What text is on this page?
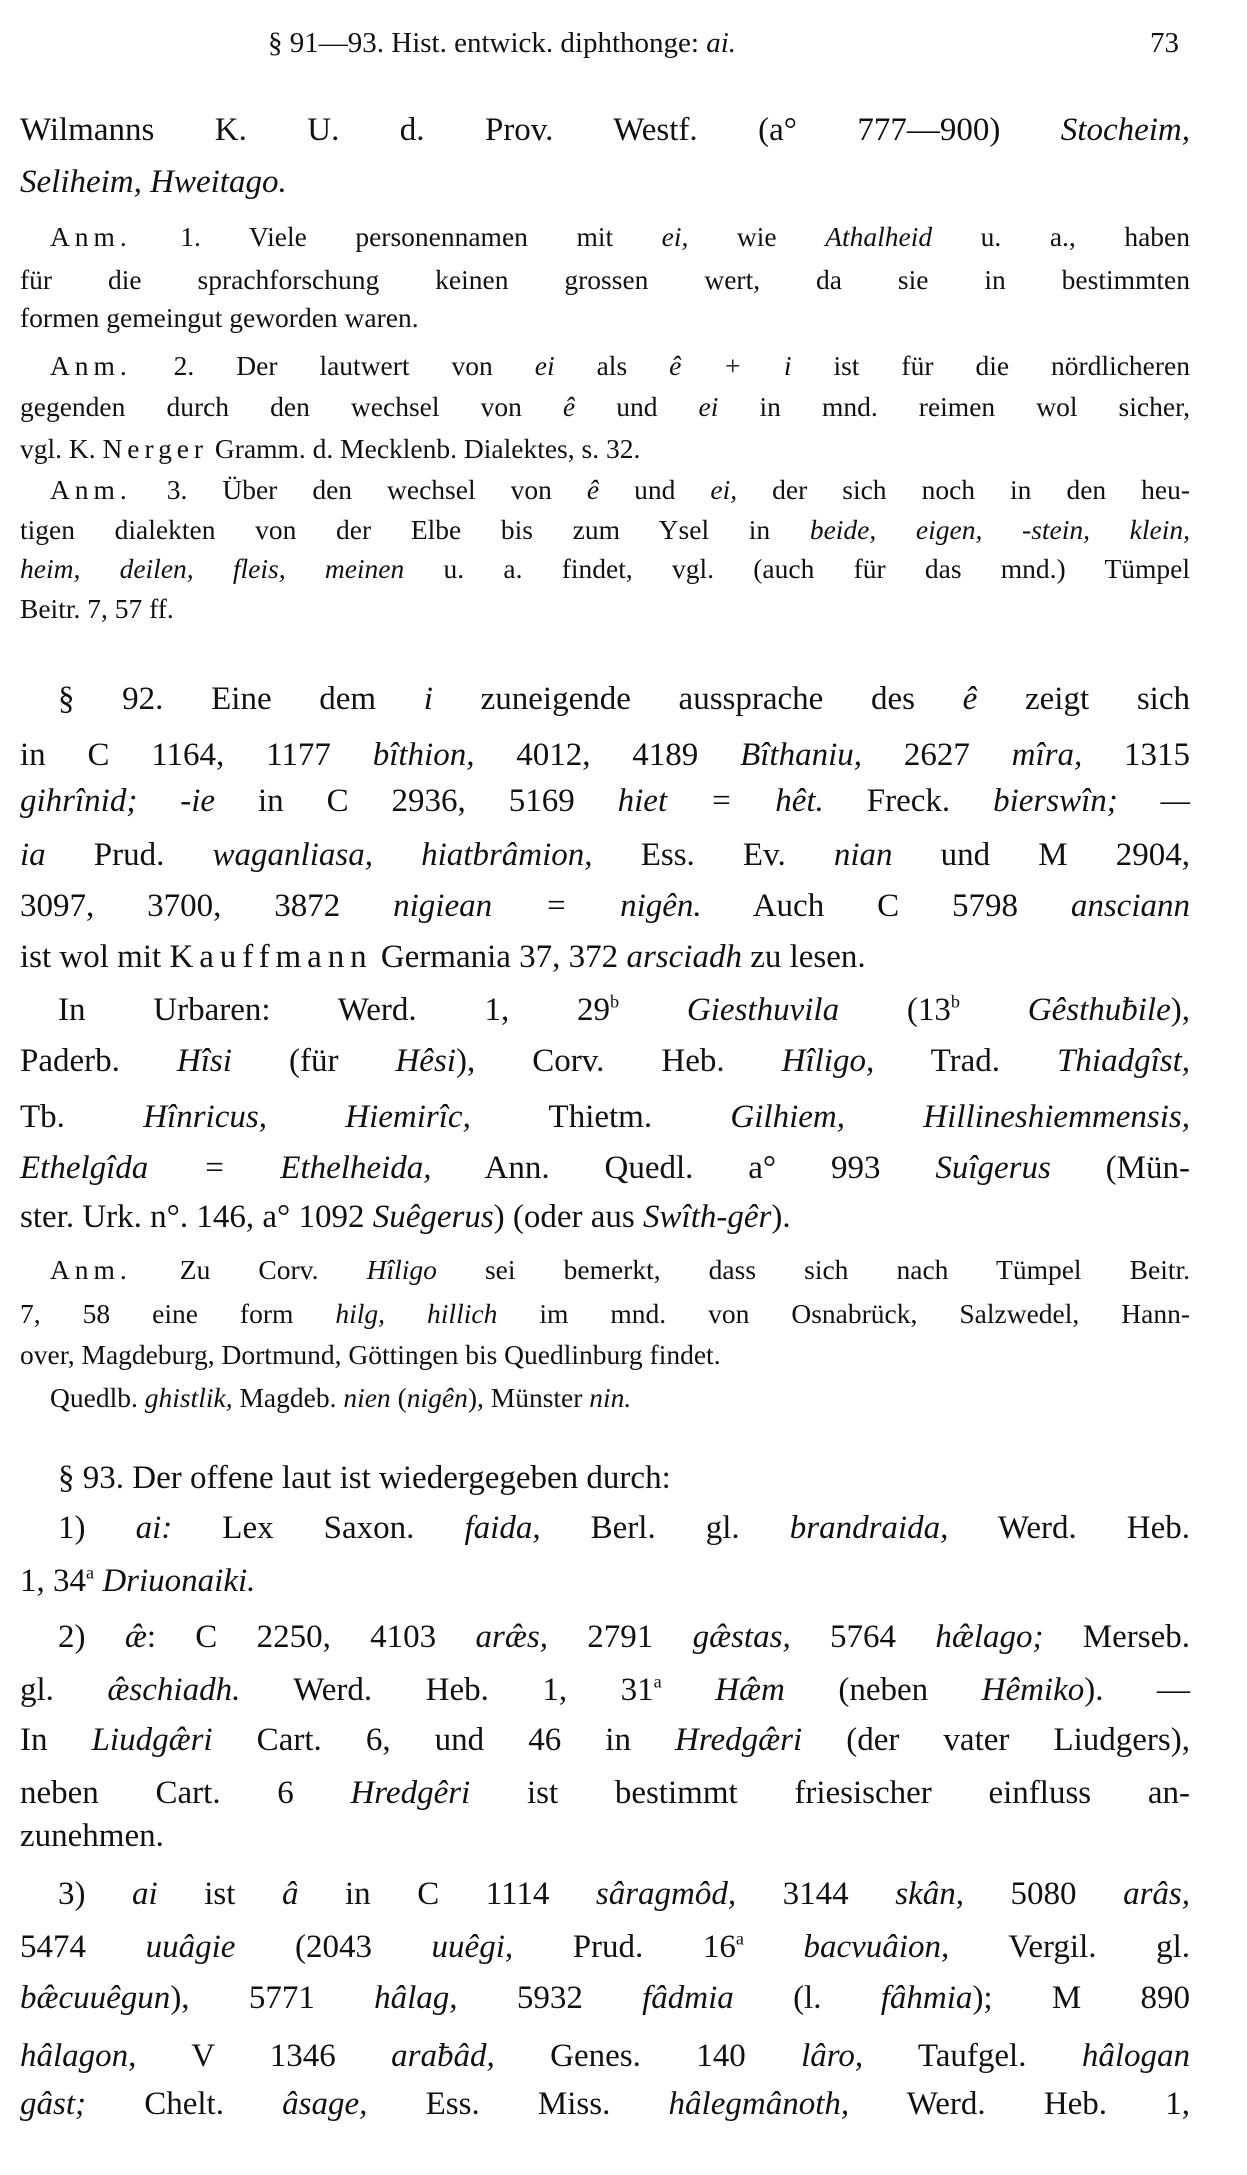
§ 91—93. Hist. entwick. diphthonge: ai.	73
Wilmanns K. U. d. Prov. Westf. (a° 777—900) Stocheim,
Seliheim, Hweitago.
Anm. 1. Viele personennamen mit ei, wie Athalheid u. a., haben
für die sprachforschung keinen grossen wert, da sie in bestimmten
formen gemeingut geworden waren.
Anm. 2. Der lautwert von ei als ê + i ist für die nördlicheren
gegenden durch den wechsel von ê und ei in mnd. reimen wol sicher,
vgl. K. Nerger Gramm. d. Mecklenb. Dialektes, s. 32.
Anm. 3. Über den wechsel von ê und ei, der sich noch in den heu-
tigen dialekten von der Elbe bis zum Ysel in beide, eigen, -stein, klein,
heim, deilen, fleis, meinen u. a. findet, vgl. (auch für das mnd.) Tümpel
Beitr. 7, 57 ff.
§ 92. Eine dem i zuneigende aussprache des ê zeigt sich
in C 1164, 1177 bîthion, 4012, 4189 Bîthaniu, 2627 mîra, 1315
gihrînid; -ie in C 2936, 5169 hiet = hêt. Freck. bierswîn; —
ia Prud. waganliasa, hiatbrâmion, Ess. Ev. nian und M 2904,
3097, 3700, 3872 nigiean = nigên. Auch C 5798 ansciann
ist wol mit Kauffmann Germania 37, 372 arsciadh zu lesen.
In Urbaren: Werd. 1, 29$^b$ Giesthuvila (13$^b$ Gêsthuƀile),
Paderb. Hîsi (für Hêsi), Corv. Heb. Hîligo, Trad. Thiadgîst,
Tb. Hînricus, Hiemirîc, Thietm. Gilhiem, Hillineshiemmensis,
Ethelgîda = Ethelheida, Ann. Quedl. a° 993 Suîgerus (Mün-
ster. Urk. n°. 146, a° 1092 Suêgerus) (oder aus Swîth-gêr).
Anm. Zu Corv. Hîligo sei bemerkt, dass sich nach Tümpel Beitr.
7, 58 eine form hilg, hillich im mnd. von Osnabrück, Salzwedel, Hann-
over, Magdeburg, Dortmund, Göttingen bis Quedlinburg findet.
Quedlb. ghistlik, Magdeb. nien (nigên), Münster nin.
§ 93. Der offene laut ist wiedergegeben durch:
1) ai: Lex Saxon. faida, Berl. gl. brandraida, Werd. Heb.
1, 34$^a$ Driuonaiki.
2) æ̂: C 2250, 4103 aræ̂s, 2791 gæ̂stas, 5764 hæ̂lago; Merseb.
gl. æ̂schiadh. Werd. Heb. 1, 31$^a$ Hæ̂m (neben Hêmiko). —
In Liudgæ̂ri Cart. 6, und 46 in Hredgæ̂ri (der vater Liudgers),
neben Cart. 6 Hredgêri ist bestimmt friesischer einfluss an-
zunehmen.
3) ai ist â in C 1114 sâragmôd, 3144 skân, 5080 arâs,
5474 uuâgie (2043 uuêgi, Prud. 16$^a$ bacvuâion, Vergil. gl.
bæ̂cuuêgun), 5771 hâlag, 5932 fâdmia (l. fâhmia); M 890
hâlagon, V 1346 araƀâd, Genes. 140 lâro, Taufgel. hâlogan
gâst; Chelt. âsage, Ess. Miss. hâlegmânoth, Werd. Heb. 1,
